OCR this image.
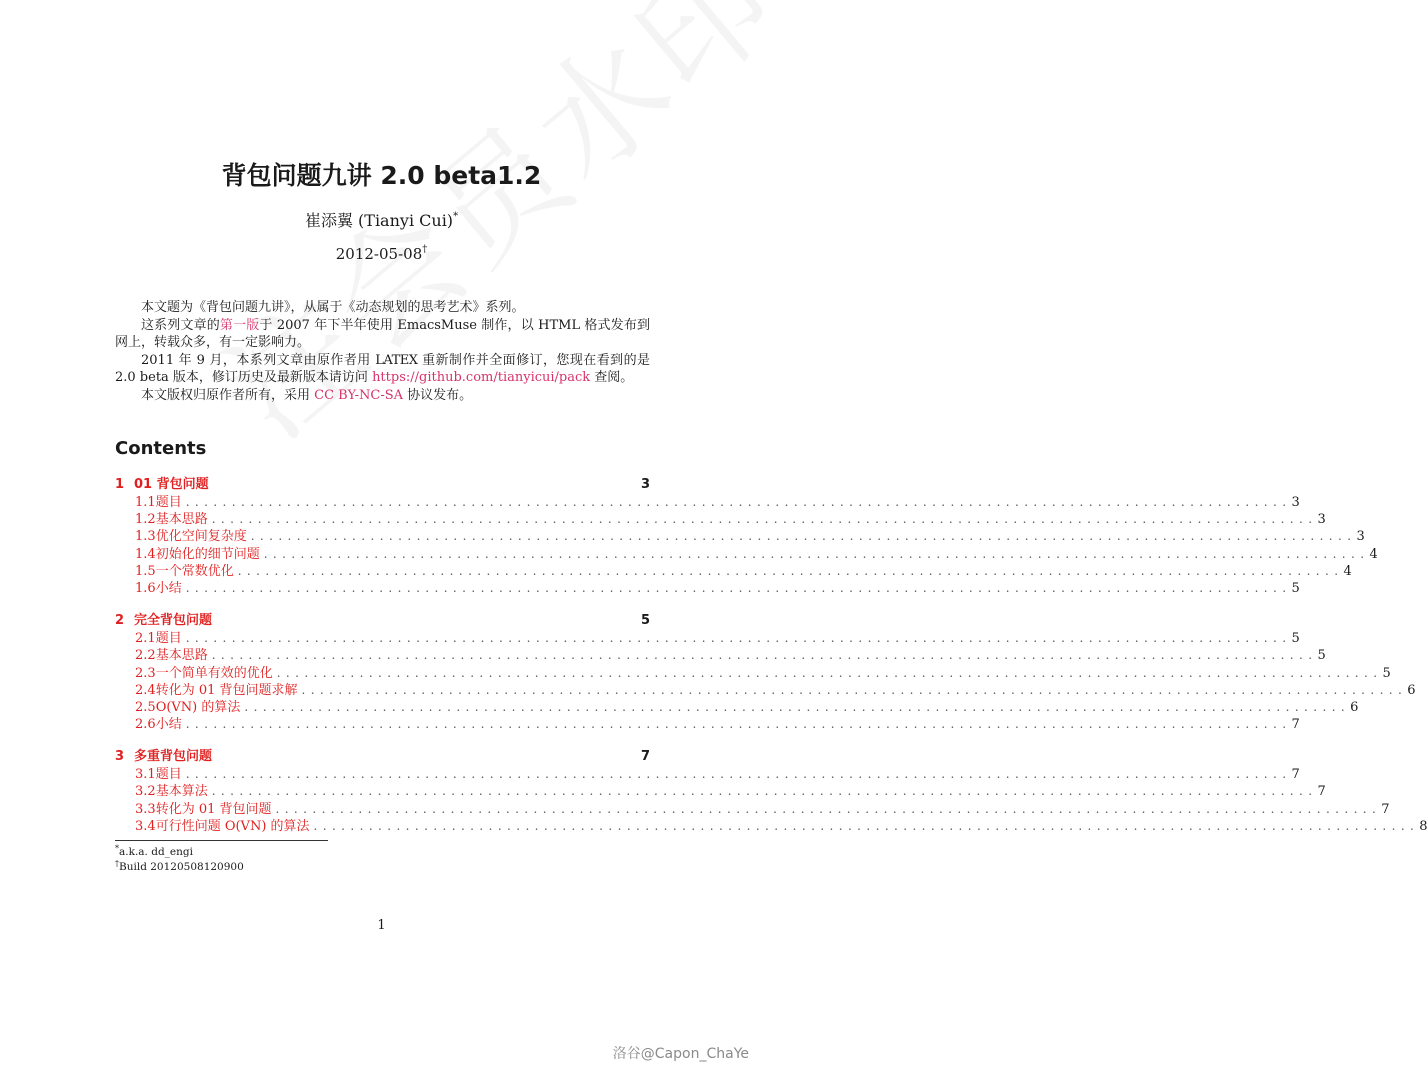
背包问题九讲 2.0 beta1.2
崔添翼 (Tianyi Cui)*
2012-05-08†

本文题为《背包问题九讲》，从属于《动态规划的思考艺术》系列。

这系列文章的第一版于 2007 年下半年使用 EmacsMuse 制作，以 HTML 格式发布到网上，转载众多，有一定影响力。

2011 年 9 月，本系列文章由原作者用 LATEX 重新制作并全面修订，您现在看到的是 2.0 beta 版本，修订历史及最新版本请访问 https://github.com/tianyicui/pack 查阅。

本文版权归原作者所有，采用 CC BY-NC-SA 协议发布。

Contents
1 01 背包问题	3
1.1 题目 ........................................................................................................................ 3
1.2 基本思路 ........................................................................................................................ 3
1.3 优化空间复杂度 ........................................................................................................................ 3
1.4 初始化的细节问题 ........................................................................................................................ 4
1.5 一个常数优化 ........................................................................................................................ 4
1.6 小结 ........................................................................................................................ 5
2 完全背包问题	5
2.1 题目 ........................................................................................................................ 5
2.2 基本思路 ........................................................................................................................ 5
2.3 一个简单有效的优化 ........................................................................................................................ 5
2.4 转化为 01 背包问题求解 ........................................................................................................................ 6
2.5 O(VN) 的算法 ........................................................................................................................ 6
2.6 小结 ........................................................................................................................ 7
3 多重背包问题	7
3.1 题目 ........................................................................................................................ 7
3.2 基本算法 ........................................................................................................................ 7
3.3 转化为 01 背包问题 ........................................................................................................................ 7
3.4 可行性问题 O(VN) 的算法 ........................................................................................................................ 8
*a.k.a. dd_engi
†Build 20120508120900
1
洛谷@Capon_ChaYe
